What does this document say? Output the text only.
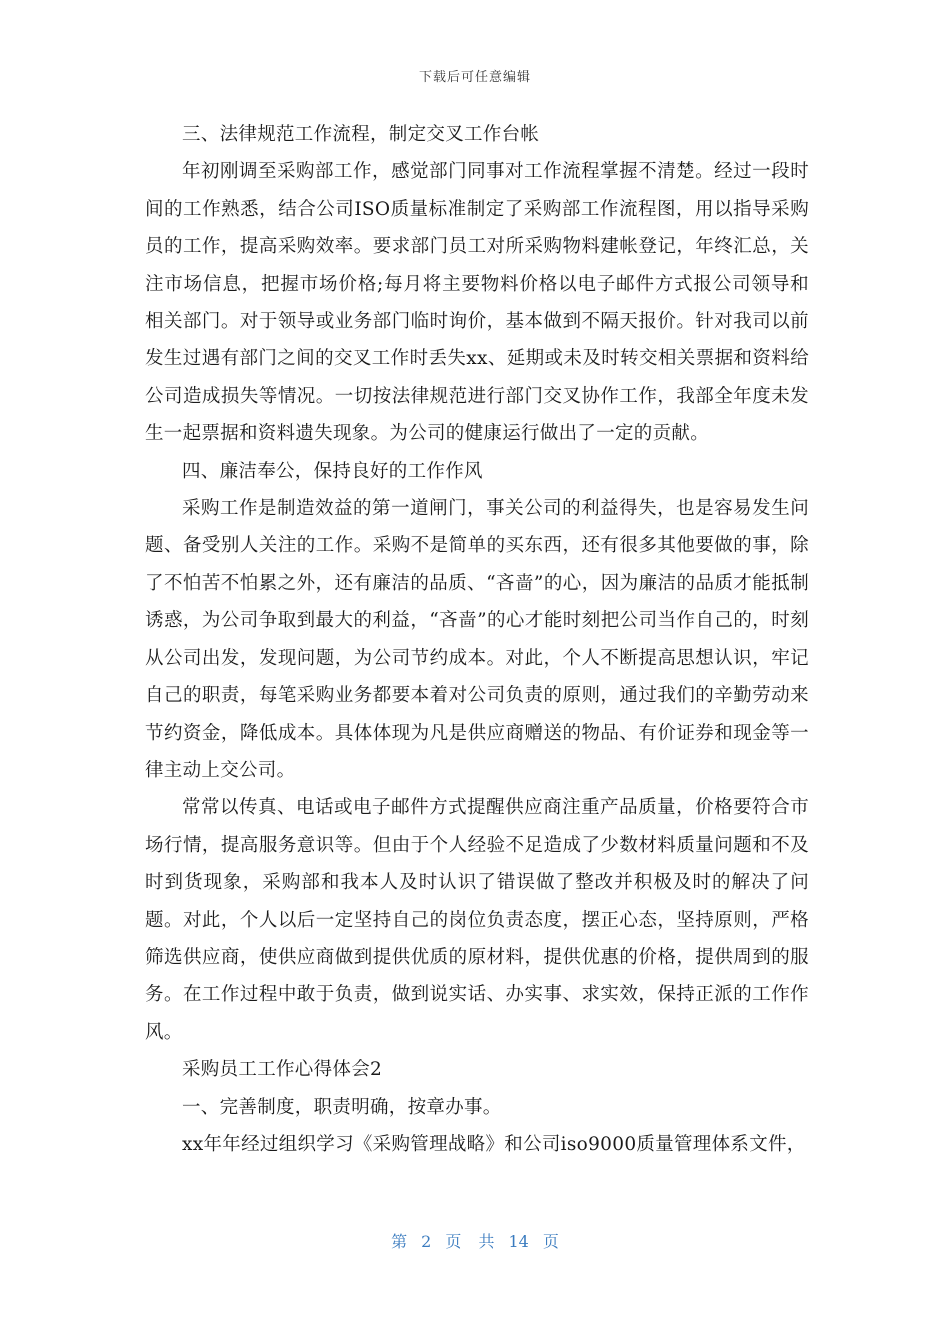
下载后可任意编辑

三、法律规范工作流程，制定交叉工作台帐

年初刚调至采购部工作，感觉部门同事对工作流程掌握不清楚。经过一段时间的工作熟悉，结合公司ISO质量标准制定了采购部工作流程图，用以指导采购员的工作，提高采购效率。要求部门员工对所采购物料建帐登记，年终汇总，关注市场信息，把握市场价格;每月将主要物料价格以电子邮件方式报公司领导和相关部门。对于领导或业务部门临时询价，基本做到不隔天报价。针对我司以前发生过遇有部门之间的交叉工作时丢失xx、延期或未及时转交相关票据和资料给公司造成损失等情况。一切按法律规范进行部门交叉协作工作，我部全年度未发生一起票据和资料遗失现象。为公司的健康运行做出了一定的贡献。

四、廉洁奉公，保持良好的工作作风

采购工作是制造效益的第一道闸门，事关公司的利益得失，也是容易发生问题、备受别人关注的工作。采购不是简单的买东西，还有很多其他要做的事，除了不怕苦不怕累之外，还有廉洁的品质、“吝啬”的心，因为廉洁的品质才能抵制诱惑，为公司争取到最大的利益，“吝啬”的心才能时刻把公司当作自己的，时刻从公司出发，发现问题，为公司节约成本。对此，个人不断提高思想认识，牢记自己的职责，每笔采购业务都要本着对公司负责的原则，通过我们的辛勤劳动来节约资金，降低成本。具体体现为凡是供应商赠送的物品、有价证券和现金等一律主动上交公司。

常常以传真、电话或电子邮件方式提醒供应商注重产品质量，价格要符合市场行情，提高服务意识等。但由于个人经验不足造成了少数材料质量问题和不及时到货现象，采购部和我本人及时认识了错误做了整改并积极及时的解决了问题。对此，个人以后一定坚持自己的岗位负责态度，摆正心态，坚持原则，严格筛选供应商，使供应商做到提供优质的原材料，提供优惠的价格，提供周到的服务。在工作过程中敢于负责，做到说实话、办实事、求实效，保持正派的工作作风。

采购员工工作心得体会2

一、完善制度，职责明确，按章办事。

xx年年经过组织学习《采购管理战略》和公司iso9000质量管理体系文件，

第 2 页 共 14 页
